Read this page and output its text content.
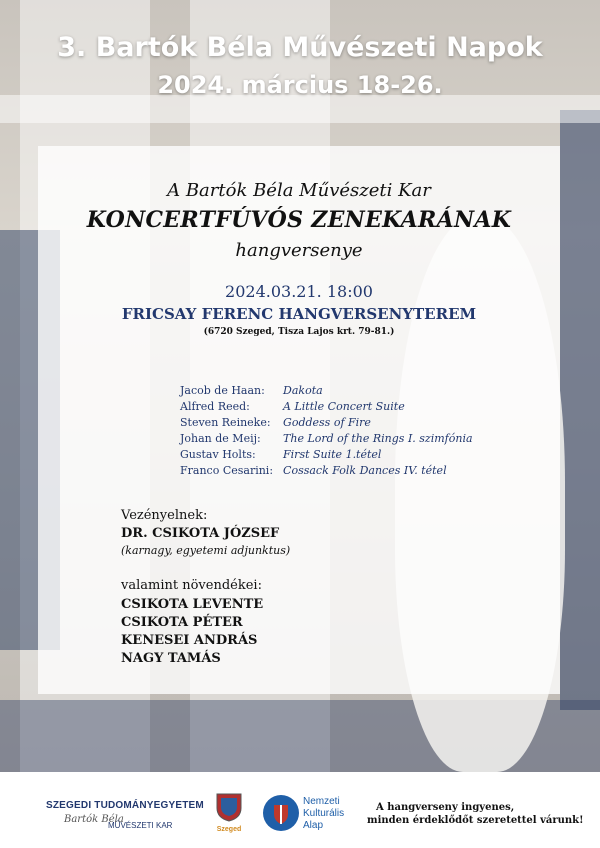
3. Bartók Béla Művészeti Napok
2024. március 18-26.
A Bartók Béla Művészeti Kar
KONCERTFÚVÓS ZENEKARÁNAK
hangversenye
2024.03.21. 18:00
FRICSAY FERENC HANGVERSENYTEREM
(6720 Szeged, Tisza Lajos krt. 79-81.)
Jacob de Haan:	Dakota
Alfred Reed:	A Little Concert Suite
Steven Reineke:	Goddess of Fire
Johan de Meij:	The Lord of the Rings I. szimfónia
Gustav Holts:	First Suite 1.tétel
Franco Cesarini:	Cossack Folk Dances IV. tétel
Vezényelnek:
DR. CSIKOTA JÓZSEF
(karnagy, egyetemi adjunktus)
valamint növendékei:
CSIKOTA LEVENTE
CSIKOTA PÉTER
KENESEI ANDRÁS
NAGY TAMÁS
SZEGEDI TUDOMÁNYEGYETEM
Bartók Béla
MŰVÉSZETI KAR	Szeged
Nemzeti
Kulturális
Alap
A hangverseny ingyenes,
minden érdeklődőt szeretettel várunk!
